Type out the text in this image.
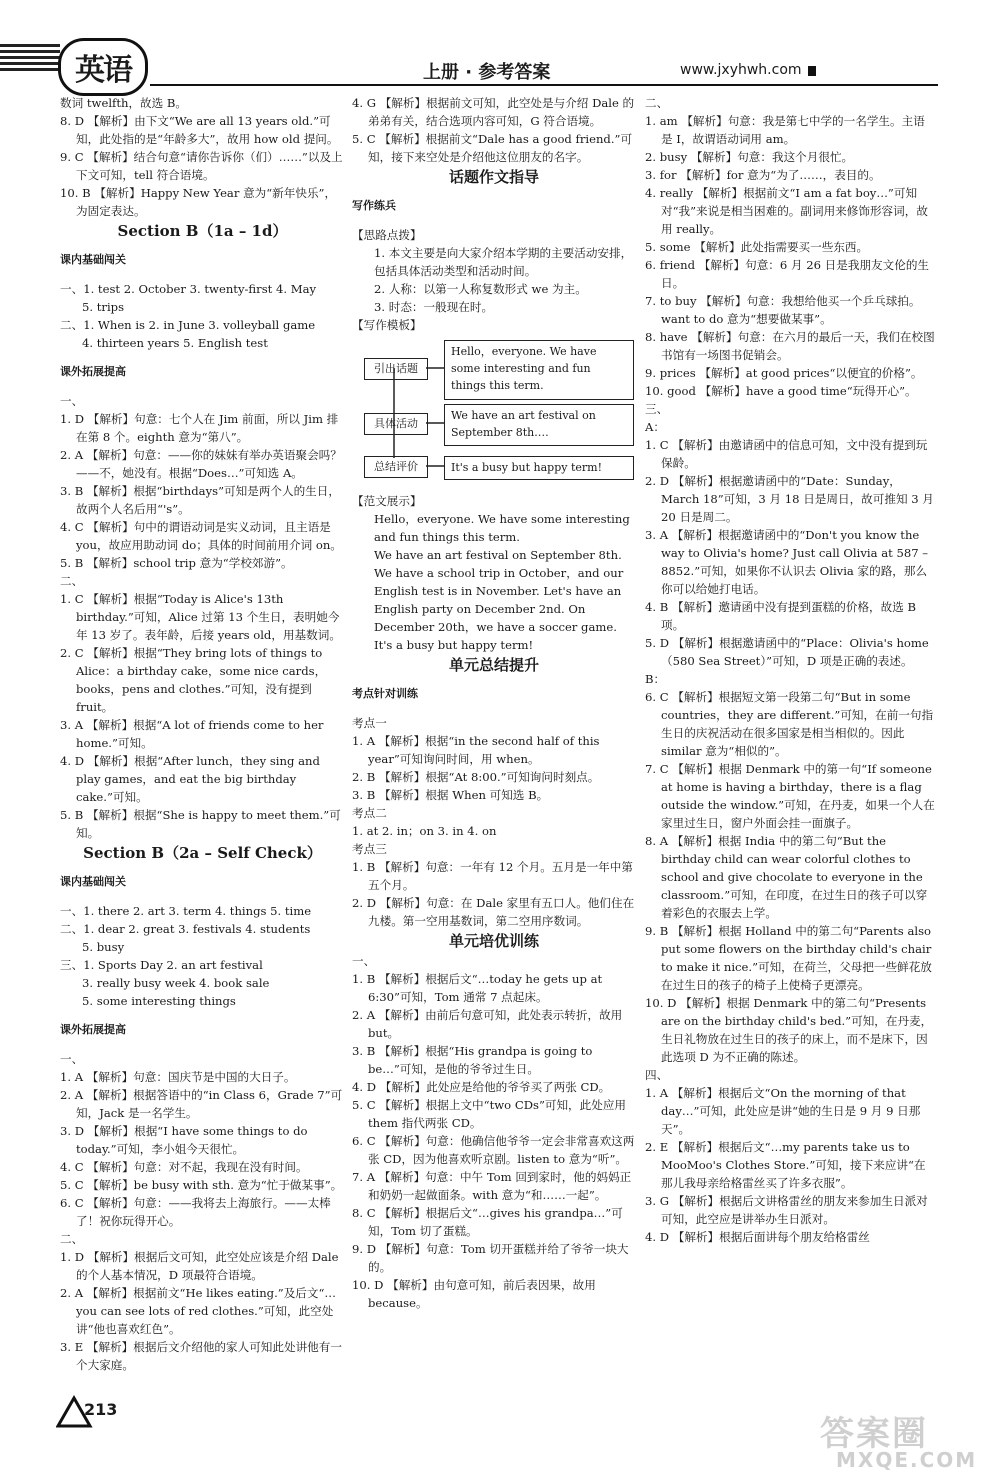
英语	上册 · 参考答案	www.jxyhwh.com

数词 twelfth，故选 B。

8. D 【解析】由下文“We are all 13 years old.”可知，此处指的是“年龄多大”，故用 how old 提问。

9. C 【解析】结合句意“请你告诉你（们）……”以及上下文可知，tell 符合语境。

10. B 【解析】Happy New Year 意为“新年快乐”，为固定表达。

Section B（1a – 1d）

课内基础闯关

一、1. test 2. October 3. twenty-first 4. May

5. trips

二、1. When is 2. in June 3. volleyball game

4. thirteen years 5. English test

课外拓展提高

一、

1. D 【解析】句意：七个人在 Jim 前面，所以 Jim 排在第 8 个。eighth 意为“第八”。

2. A 【解析】句意：——你的妹妹有举办英语聚会吗？——不，她没有。根据“Does…”可知选 A。

3. B 【解析】根据“birthdays”可知是两个人的生日，故两个人名后用“'s”。

4. C 【解析】句中的谓语动词是实义动词，且主语是 you，故应用助动词 do；具体的时间前用介词 on。

5. B 【解析】school trip 意为“学校郊游”。

二、

1. C 【解析】根据“Today is Alice's 13th birthday.”可知，Alice 过第 13 个生日，表明她今年 13 岁了。表年龄，后接 years old，用基数词。

2. C 【解析】根据“They bring lots of things to Alice：a birthday cake，some nice cards，books，pens and clothes.”可知，没有提到 fruit。

3. A 【解析】根据“A lot of friends come to her home.”可知。

4. D 【解析】根据“After lunch，they sing and play games，and eat the big birthday cake.”可知。

5. B 【解析】根据“She is happy to meet them.”可知。

Section B（2a – Self Check）

课内基础闯关

一、1. there 2. art 3. term 4. things 5. time

二、1. dear 2. great 3. festivals 4. students

5. busy

三、1. Sports Day 2. an art festival

3. really busy week 4. book sale

5. some interesting things

课外拓展提高

一、

1. A 【解析】句意：国庆节是中国的大日子。

2. A 【解析】根据答语中的“in Class 6，Grade 7”可知，Jack 是一名学生。

3. D 【解析】根据“I have some things to do today.”可知，李小姐今天很忙。

4. C 【解析】句意：对不起，我现在没有时间。

5. C 【解析】be busy with sth. 意为“忙于做某事”。

6. C 【解析】句意：——我将去上海旅行。——太棒了！祝你玩得开心。

二、

1. D 【解析】根据后文可知，此空处应该是介绍 Dale 的个人基本情况，D 项最符合语境。

2. A 【解析】根据前文“He likes eating.”及后文“…you can see lots of red clothes.”可知，此空处讲“他也喜欢红色”。

3. E 【解析】根据后文介绍他的家人可知此处讲他有一个大家庭。

4. G 【解析】根据前文可知，此空处是与介绍 Dale 的弟弟有关，结合选项内容可知，G 符合语境。

5. C 【解析】根据前文“Dale has a good friend.”可知，接下来空处是介绍他这位朋友的名字。

话题作文指导

写作练兵

【思路点拨】

1. 本文主要是向大家介绍本学期的主要活动安排，包括具体活动类型和活动时间。

2. 人称：以第一人称复数形式 we 为主。

3. 时态：一般现在时。

【写作模板】

引出话题
具体活动
总结评价
Hello，everyone. We have some interesting and fun things this term.
We have an art festival on September 8th.…
It's a busy but happy term!

【范文展示】

Hello，everyone. We have some interesting and fun things this term.

We have an art festival on September 8th. We have a school trip in October，and our English test is in November. Let's have an English party on December 2nd. On December 20th，we have a soccer game.

It's a busy but happy term!

单元总结提升

考点针对训练

考点一

1. A 【解析】根据“in the second half of this year”可知询问时间，用 when。

2. B 【解析】根据“At 8:00.”可知询问时刻点。

3. B 【解析】根据 When 可知选 B。

考点二

1. at 2. in；on 3. in 4. on

考点三

1. B 【解析】句意：一年有 12 个月。五月是一年中第五个月。

2. D 【解析】句意：在 Dale 家里有五口人。他们住在九楼。第一空用基数词，第二空用序数词。

单元培优训练

一、

1. B 【解析】根据后文“…today he gets up at 6:30”可知，Tom 通常 7 点起床。

2. A 【解析】由前后句意可知，此处表示转折，故用 but。

3. B 【解析】根据“His grandpa is going to be…”可知，是他的爷爷过生日。

4. D 【解析】此处应是给他的爷爷买了两张 CD。

5. C 【解析】根据上文中“two CDs”可知，此处应用 them 指代两张 CD。

6. C 【解析】句意：他确信他爷爷一定会非常喜欢这两张 CD，因为他喜欢听京剧。listen to 意为“听”。

7. A 【解析】句意：中午 Tom 回到家时，他的妈妈正和奶奶一起做面条。with 意为“和……一起”。

8. C 【解析】根据后文“…gives his grandpa…”可知，Tom 切了蛋糕。

9. D 【解析】句意：Tom 切开蛋糕并给了爷爷一块大的。

10. D 【解析】由句意可知，前后表因果，故用 because。

二、

1. am 【解析】句意：我是第七中学的一名学生。主语是 I，故谓语动词用 am。

2. busy 【解析】句意：我这个月很忙。

3. for 【解析】for 意为“为了……，表目的。

4. really 【解析】根据前文“I am a fat boy…”可知对“我”来说是相当困难的。副词用来修饰形容词，故用 really。

5. some 【解析】此处指需要买一些东西。

6. friend 【解析】句意：6 月 26 日是我朋友文伦的生日。

7. to buy 【解析】句意：我想给他买一个乒乓球拍。want to do 意为“想要做某事”。

8. have 【解析】句意：在六月的最后一天，我们在校图书馆有一场图书促销会。

9. prices 【解析】at good prices“以便宜的价格”。

10. good 【解析】have a good time“玩得开心”。

三、

A：

1. C 【解析】由邀请函中的信息可知，文中没有提到玩保龄。

2. D 【解析】根据邀请函中的“Date：Sunday，March 18”可知，3 月 18 日是周日，故可推知 3 月 20 日是周二。

3. A 【解析】根据邀请函中的“Don't you know the way to Olivia's home? Just call Olivia at 587 – 8852.”可知，如果你不认识去 Olivia 家的路，那么你可以给她打电话。

4. B 【解析】邀请函中没有提到蛋糕的价格，故选 B 项。

5. D 【解析】根据邀请函中的“Place：Olivia's home（580 Sea Street）”可知，D 项是正确的表述。

B：

6. C 【解析】根据短文第一段第二句“But in some countries，they are different.”可知，在前一句指生日的庆祝活动在很多国家是相当相似的。因此 similar 意为“相似的”。

7. C 【解析】根据 Denmark 中的第一句“If someone at home is having a birthday，there is a flag outside the window.”可知，在丹麦，如果一个人在家里过生日，窗户外面会挂一面旗子。

8. A 【解析】根据 India 中的第二句“But the birthday child can wear colorful clothes to school and give chocolate to everyone in the classroom.”可知，在印度，在过生日的孩子可以穿着彩色的衣服去上学。

9. B 【解析】根据 Holland 中的第二句“Parents also put some flowers on the birthday child's chair to make it nice.”可知，在荷兰，父母把一些鲜花放在过生日的孩子的椅子上使椅子更漂亮。

10. D 【解析】根据 Denmark 中的第二句“Presents are on the birthday child's bed.”可知，在丹麦，生日礼物放在过生日的孩子的床上，而不是床下，因此选项 D 为不正确的陈述。

四、

1. A 【解析】根据后文“On the morning of that day…”可知，此处应是讲“她的生日是 9 月 9 日那天”。

2. E 【解析】根据后文“…my parents take us to MooMoo's Clothes Store.”可知，接下来应讲“在那儿我母亲给格雷丝买了许多衣服”。

3. G 【解析】根据后文讲格雷丝的朋友来参加生日派对可知，此空应是讲举办生日派对。

4. D 【解析】根据后面讲每个朋友给格雷丝

213
答案圈
MXQE.COM
